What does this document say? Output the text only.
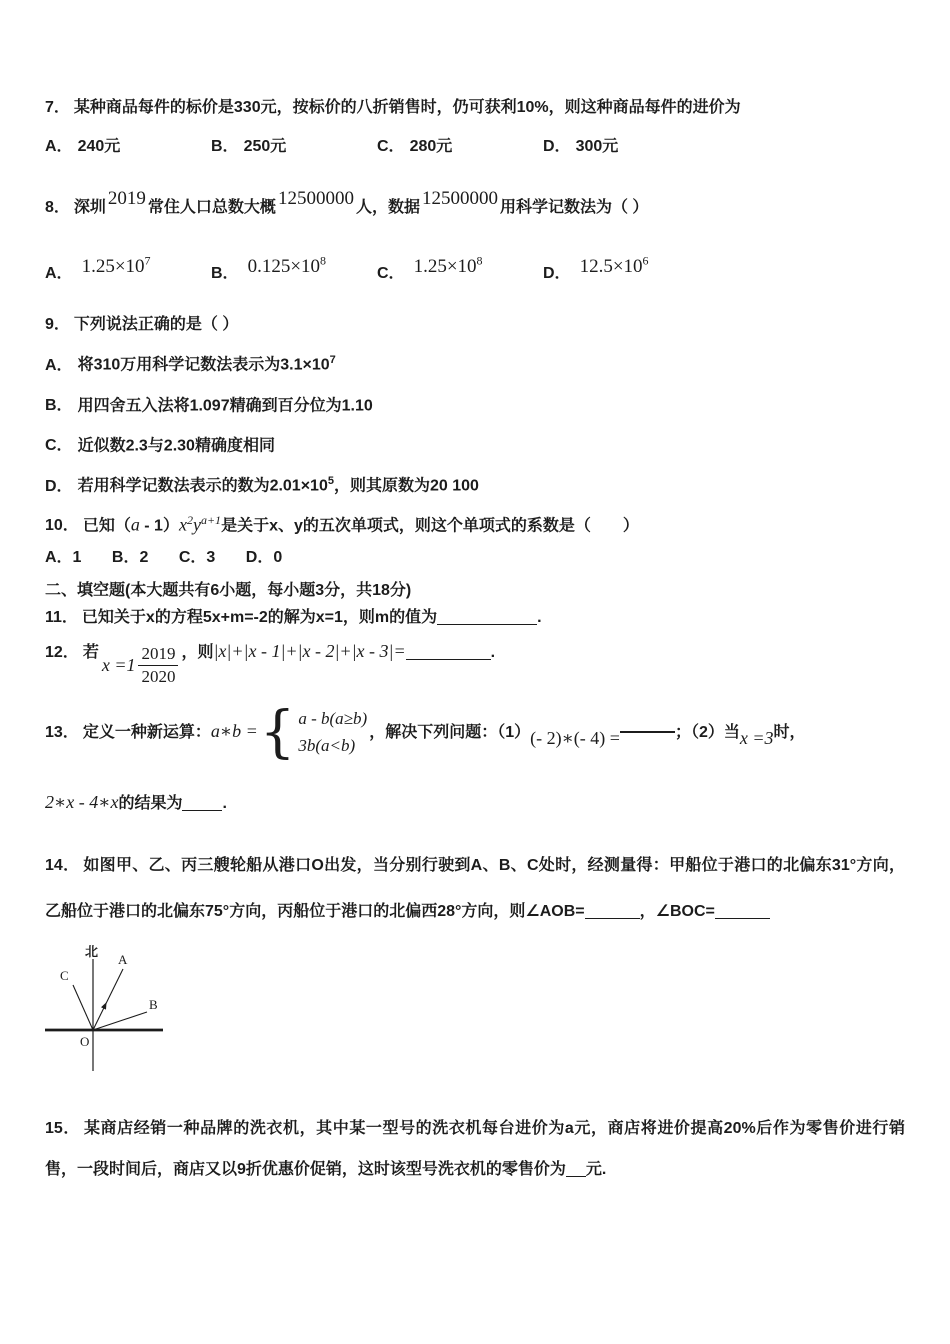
7． 某种商品每件的标价是330元，按标价的八折销售时，仍可获利10%，则这种商品每件的进价为

A． 240元	B． 250元	C． 280元	D． 300元

8． 深圳 2019 常住人口总数大概 12500000 人，数据 12500000 用科学记数法为（ ）

A． $1.25\times 10^7$
B． $0.125\times 10^8$
C． $1.25\times 10^8$
D． $12.5\times 10^6$

9． 下列说法正确的是（ ）

A． 将310万用科学记数法表示为$3.1\times 10^7$

B． 用四舍五入法将1.097精确到百分位为1.10

C． 近似数2.3与2.30精确度相同

D． 若用科学记数法表示的数为$2.01\times 10^5$，则其原数为20 100

10． 已知$(a - 1)x^2y^{a+1}$是关于x、y的五次单项式，则这个单项式的系数是（　　）

A．1 B．2 C．3 D．0

二、填空题(本大题共有6小题，每小题3分，共18分)

11． 已知关于x的方程5x+m=-2的解为x=1，则m的值为	.

12． 若
$x =1 \frac{2019}{2020}$ ，则|x|+|x - 1|+|x - 2|+|x - 3|=	.

13． 定义一种新运算：a∗b = { a - b(a≥b)
3b(a<b)
，解决下列问题：（1）(- 2)∗(- 4) =	；（2）当x =3时，

2∗x - 4∗x的结果为	.

14． 如图甲、乙、丙三艘轮船从港口O出发，当分别行驶到A、B、C处时，经测量得：甲船位于港口的北偏东31°方向，乙船位于港口的北偏东75°方向，丙船位于港口的北偏西28°方向，则∠AOB=	，∠BOC=

北
A
B
C
O

15． 某商店经销一种品牌的洗衣机，其中某一型号的洗衣机每台进价为a元，商店将进价提高20%后作为零售价进行销售，一段时间后，商店又以9折优惠价促销，这时该型号洗衣机的零售价为 元.
